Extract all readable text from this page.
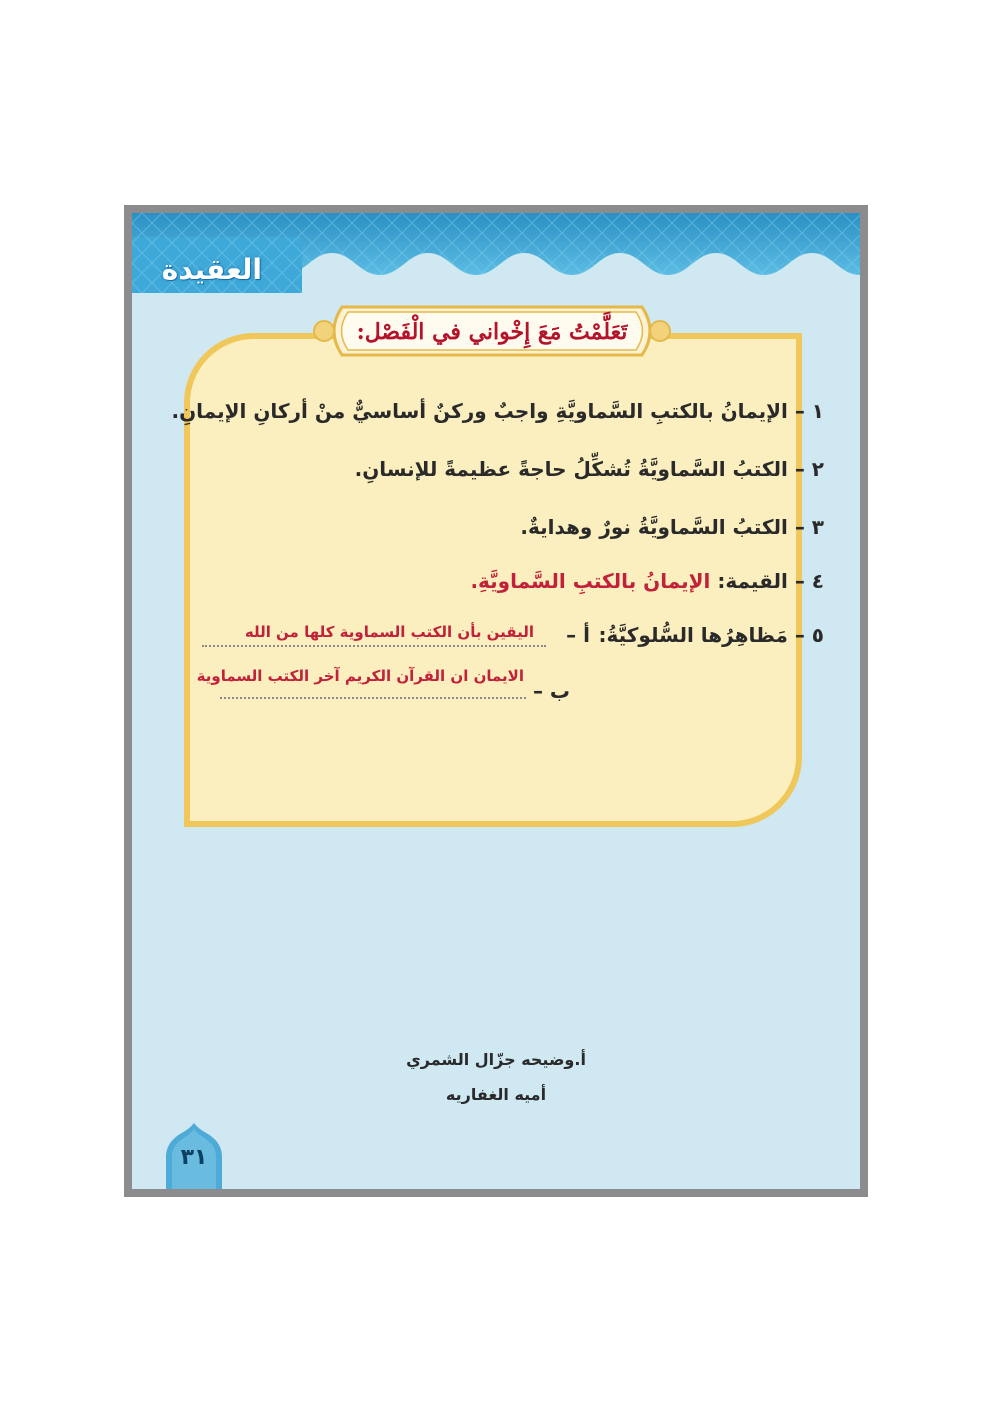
العقيدة
تَعَلَّمْتُ مَعَ إِخْواني في الْفَصْل:
١ – الإيمانُ بالكتبِ السَّماويَّةِ واجبٌ وركنٌ أساسيٌّ منْ أركانِ الإيمانِ.
٢ – الكتبُ السَّماويَّةُ تُشكِّلُ حاجةً عظيمةً للإنسانِ.
٣ – الكتبُ السَّماويَّةُ نورٌ وهدايةٌ.
٤ – القيمة: الإيمانُ بالكتبِ السَّماويَّةِ.
٥ – مَظاهِرُها السُّلوكيَّةُ:
أ –
اليقين بأن الكتب السماوية كلها من الله
ب –
الايمان ان القرآن الكريم آخر الكتب السماوية
أ.وضيحه جزّال الشمري
أميه الغفاريه
٣١
